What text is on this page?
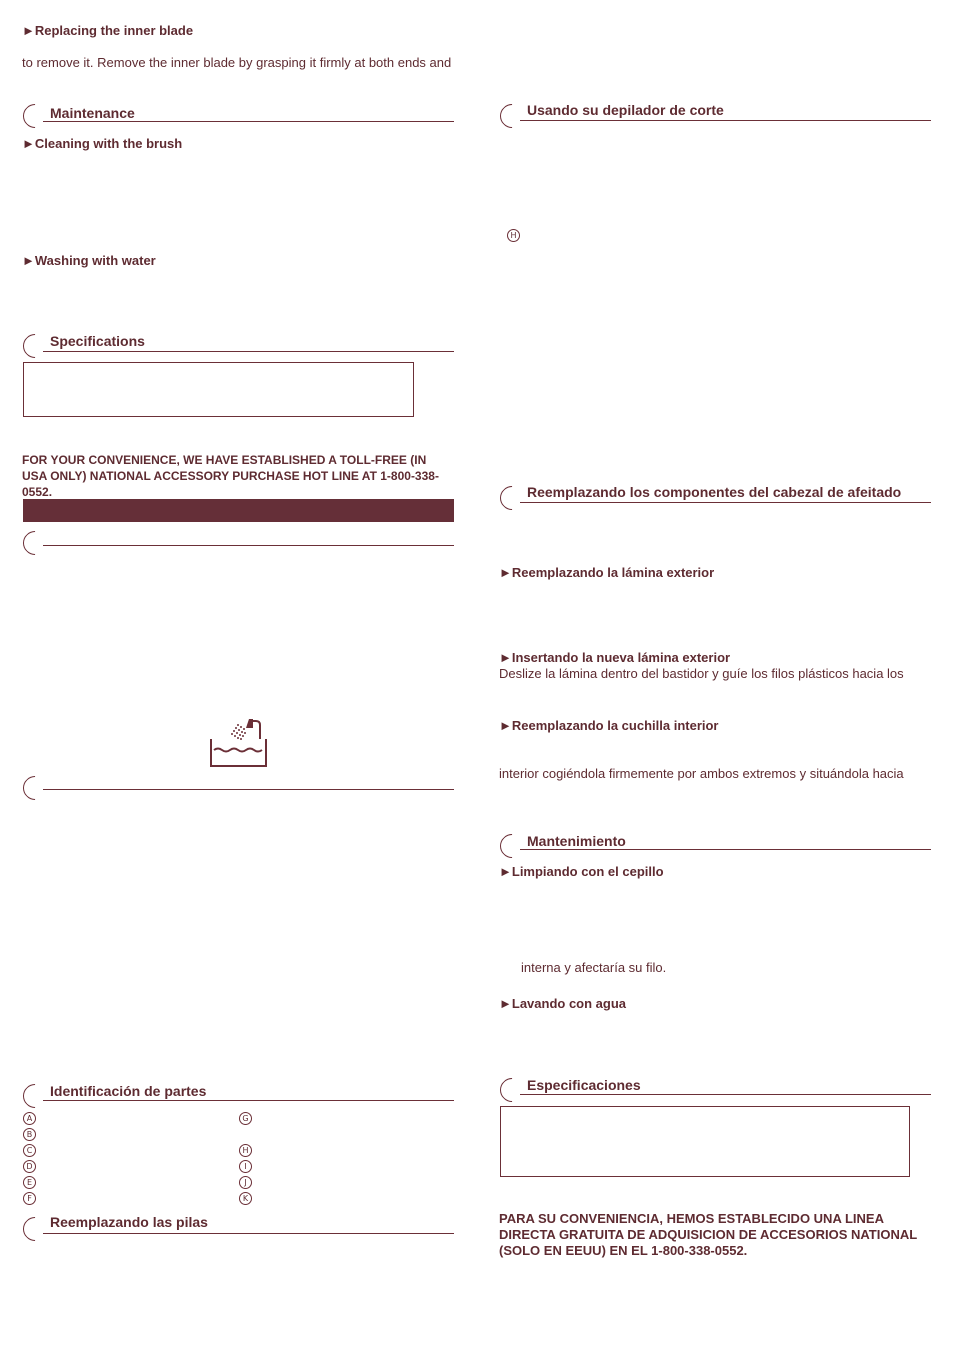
►Replacing the inner blade
to remove it. Remove the inner blade by grasping it firmly at both ends and
Maintenance
►Cleaning with the brush
►Washing with water
Specifications
FOR YOUR CONVENIENCE, WE HAVE ESTABLISHED A TOLL-FREE (IN USA ONLY) NATIONAL ACCESSORY PURCHASE HOT LINE AT 1-800-338-0552.
Identificación de partes
A
B
C
D
E
F
G
H
I
J
K
Reemplazando las pilas
Usando su depilador de corte
H
Reemplazando los componentes del cabezal de afeitado
►Reemplazando la lámina exterior
►Insertando la nueva lámina exterior
Deslize la lámina dentro del bastidor y guíe los filos plásticos hacia los
►Reemplazando la cuchilla interior
interior cogiéndola firmemente por ambos extremos y situándola hacia
Mantenimiento
►Limpiando con el cepillo
interna y afectaría su filo.
►Lavando con agua
Especificaciones
PARA SU CONVENIENCIA, HEMOS ESTABLECIDO UNA LINEA DIRECTA GRATUITA DE ADQUISICION DE ACCESORIOS NATIONAL (SOLO EN EEUU) EN EL 1-800-338-0552.
